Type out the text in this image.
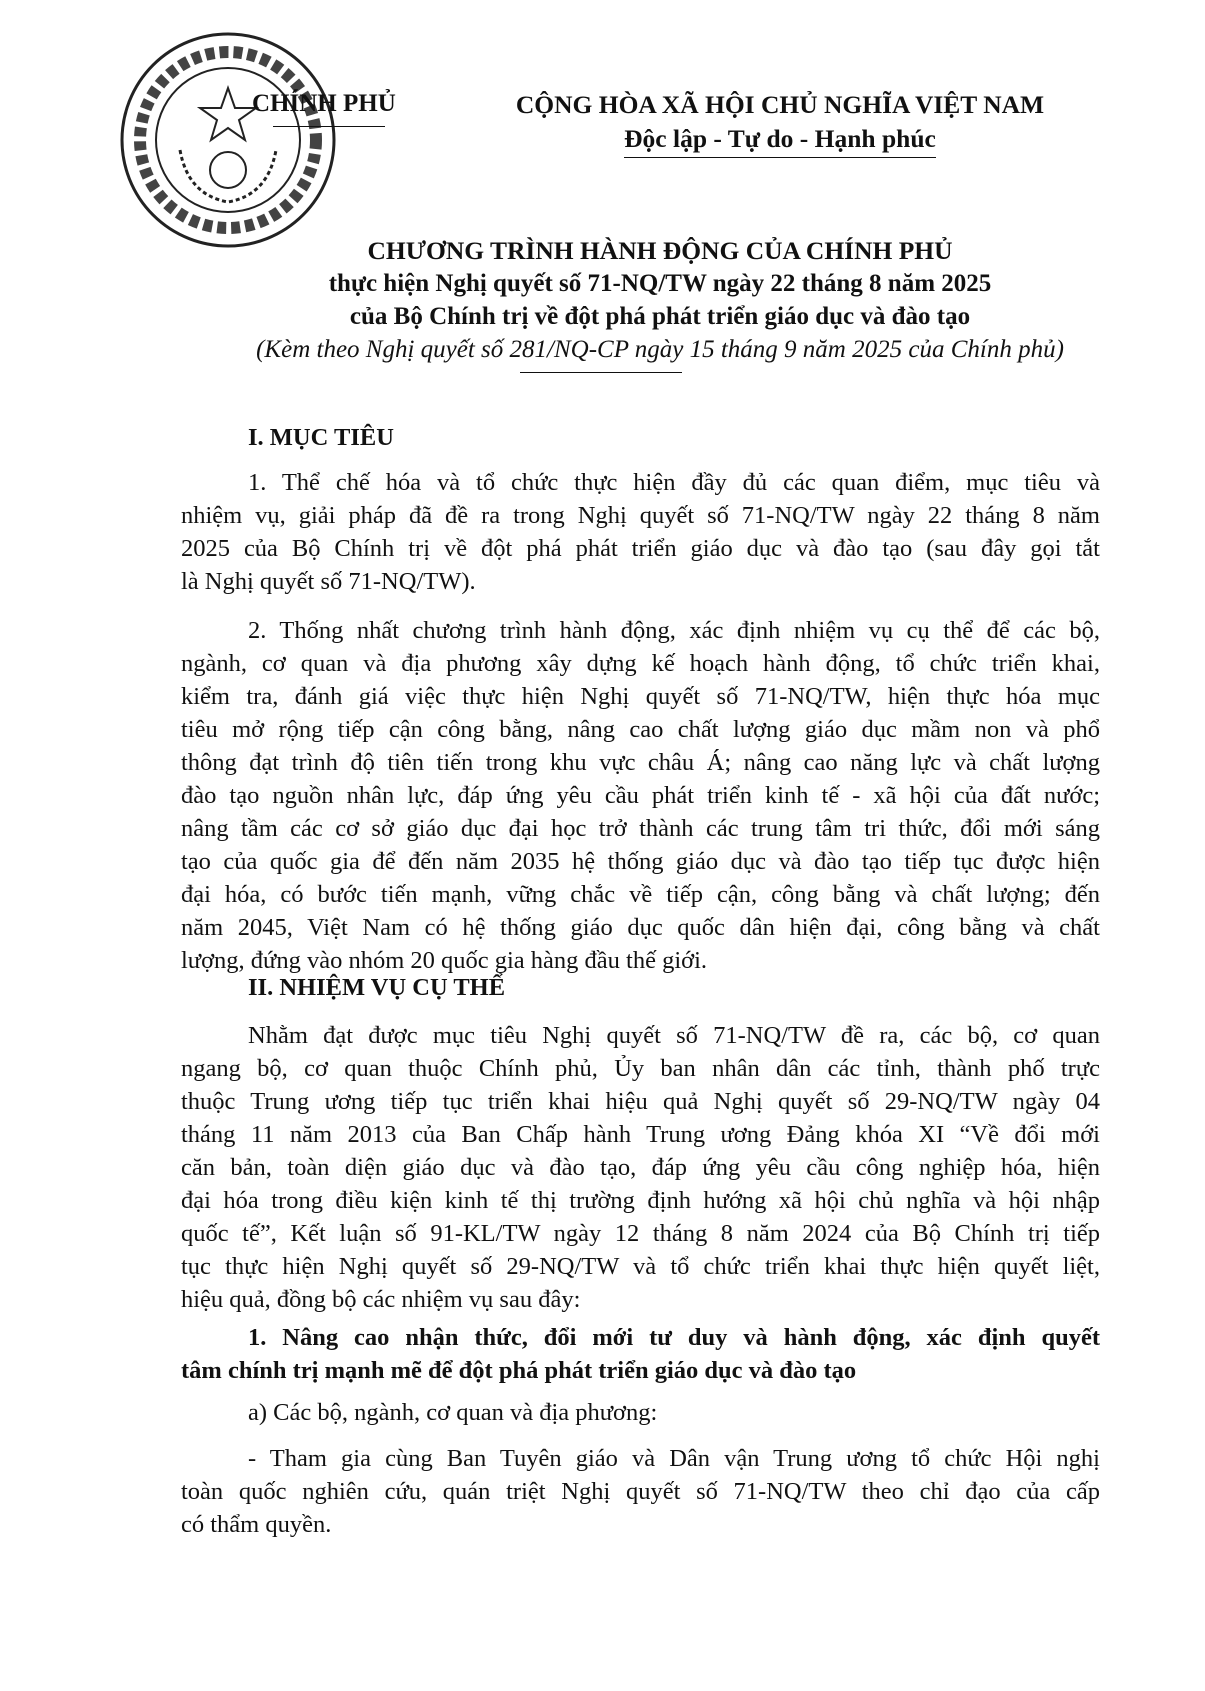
CHÍNH PHỦ	CỘNG HÒA XÃ HỘI CHỦ NGHĨA VIỆT NAM
Độc lập - Tự do - Hạnh phúc
CHƯƠNG TRÌNH HÀNH ĐỘNG CỦA CHÍNH PHỦ
thực hiện Nghị quyết số 71-NQ/TW ngày 22 tháng 8 năm 2025
của Bộ Chính trị về đột phá phát triển giáo dục và đào tạo
(Kèm theo Nghị quyết số 281/NQ-CP ngày 15 tháng 9 năm 2025 của Chính phủ)
I. MỤC TIÊU
1. Thể chế hóa và tổ chức thực hiện đầy đủ các quan điểm, mục tiêu và
nhiệm vụ, giải pháp đã đề ra trong Nghị quyết số 71-NQ/TW ngày 22 tháng 8 năm
2025 của Bộ Chính trị về đột phá phát triển giáo dục và đào tạo (sau đây gọi tắt
là Nghị quyết số 71-NQ/TW).
2. Thống nhất chương trình hành động, xác định nhiệm vụ cụ thể để các bộ,
ngành, cơ quan và địa phương xây dựng kế hoạch hành động, tổ chức triển khai,
kiểm tra, đánh giá việc thực hiện Nghị quyết số 71-NQ/TW, hiện thực hóa mục
tiêu mở rộng tiếp cận công bằng, nâng cao chất lượng giáo dục mầm non và phổ
thông đạt trình độ tiên tiến trong khu vực châu Á; nâng cao năng lực và chất lượng
đào tạo nguồn nhân lực, đáp ứng yêu cầu phát triển kinh tế - xã hội của đất nước;
nâng tầm các cơ sở giáo dục đại học trở thành các trung tâm tri thức, đổi mới sáng
tạo của quốc gia để đến năm 2035 hệ thống giáo dục và đào tạo tiếp tục được hiện
đại hóa, có bước tiến mạnh, vững chắc về tiếp cận, công bằng và chất lượng; đến
năm 2045, Việt Nam có hệ thống giáo dục quốc dân hiện đại, công bằng và chất
lượng, đứng vào nhóm 20 quốc gia hàng đầu thế giới.
II. NHIỆM VỤ CỤ THỂ
Nhằm đạt được mục tiêu Nghị quyết số 71-NQ/TW đề ra, các bộ, cơ quan
ngang bộ, cơ quan thuộc Chính phủ, Ủy ban nhân dân các tỉnh, thành phố trực
thuộc Trung ương tiếp tục triển khai hiệu quả Nghị quyết số 29-NQ/TW ngày 04
tháng 11 năm 2013 của Ban Chấp hành Trung ương Đảng khóa XI “Về đổi mới
căn bản, toàn diện giáo dục và đào tạo, đáp ứng yêu cầu công nghiệp hóa, hiện
đại hóa trong điều kiện kinh tế thị trường định hướng xã hội chủ nghĩa và hội nhập
quốc tế”, Kết luận số 91-KL/TW ngày 12 tháng 8 năm 2024 của Bộ Chính trị tiếp
tục thực hiện Nghị quyết số 29-NQ/TW và tổ chức triển khai thực hiện quyết liệt,
hiệu quả, đồng bộ các nhiệm vụ sau đây:
1. Nâng cao nhận thức, đổi mới tư duy và hành động, xác định quyết
tâm chính trị mạnh mẽ để đột phá phát triển giáo dục và đào tạo
a) Các bộ, ngành, cơ quan và địa phương:
- Tham gia cùng Ban Tuyên giáo và Dân vận Trung ương tổ chức Hội nghị
toàn quốc nghiên cứu, quán triệt Nghị quyết số 71-NQ/TW theo chỉ đạo của cấp
có thẩm quyền.
